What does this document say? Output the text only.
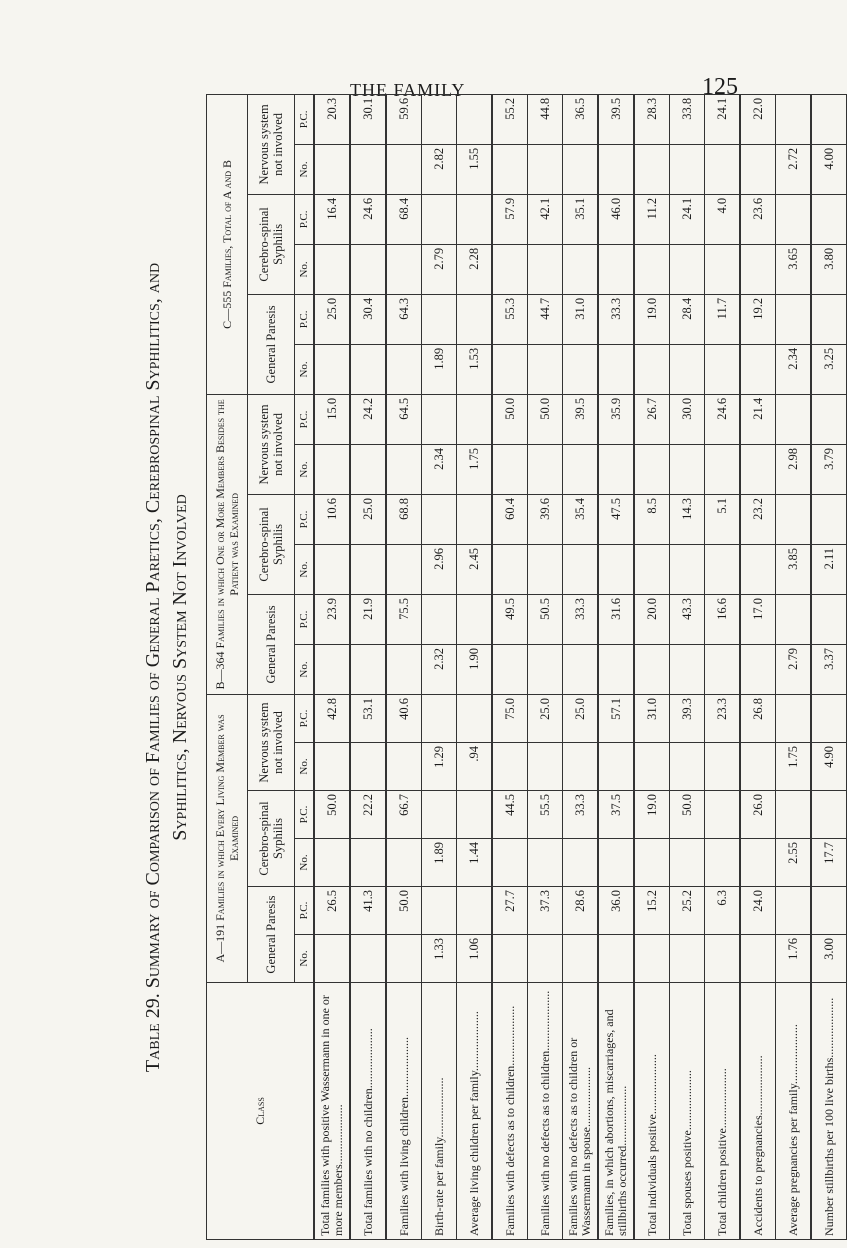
THE FAMILY	125
Table 29. Summary of Comparison of Families of General Paretics, Cerebrospinal Syphilitics, and Syphilitics, Nervous System Not Involved
Class	A—191 Families in which Every Living Member was Examined						B—364 Families in which One or More Members Besides the Patient was Examined						C—555 Families, Total of A and B					
	General Paresis		Cerebro-spinal Syphilis		Nervous system not involved		General Paresis		Cerebro-spinal Syphilis		Nervous system not involved		General Paresis		Cerebro-spinal Syphilis		Nervous system not involved	
	No.	P.C.	No.	P.C.	No.	P.C.	No.	P.C.	No.	P.C.	No.	P.C.	No.	P.C.	No.	P.C.	No.	P.C.
Total families with positive Wassermann in one or more members....................		26.5		50.0		42.8		23.9		10.6		15.0		25.0		16.4		20.3
Total families with no children....................		41.3		22.2		53.1		21.9		25.0		24.2		30.4		24.6		30.1
Families with living children....................		50.0		66.7		40.6		75.5		68.8		64.5		64.3		68.4		59.6
Birth-rate per family....................	1.33		1.89		1.29		2.32		2.96		2.34		1.89		2.79		2.82	
Average living children per family....................	1.06		1.44		.94		1.90		2.45		1.75		1.53		2.28		1.55	
Families with defects as to children....................		27.7		44.5		75.0		49.5		60.4		50.0		55.3		57.9		55.2
Families with no defects as to children....................		37.3		55.5		25.0		50.5		39.6		50.0		44.7		42.1		44.8
Families with no defects as to children or Wassermann in spouse....................		28.6		33.3		25.0		33.3		35.4		39.5		31.0		35.1		36.5
Families, in which abortions, miscarriages, and stillbirths occurred....................		36.0		37.5		57.1		31.6		47.5		35.9		33.3		46.0		39.5
Total individuals positive....................		15.2		19.0		31.0		20.0		8.5		26.7		19.0		11.2		28.3
Total spouses positive....................		25.2		50.0		39.3		43.3		14.3		30.0		28.4		24.1		33.8
Total children positive....................		6.3				23.3		16.6		5.1		24.6		11.7		4.0		24.1
Accidents to pregnancies....................		24.0		26.0		26.8		17.0		23.2		21.4		19.2		23.6		22.0
Average pregnancies per family....................	1.76		2.55		1.75		2.79		3.85		2.98		2.34		3.65		2.72	
Number stillbirths per 100 live births....................	3.00		17.7		4.90		3.37		2.11		3.79		3.25		3.80		4.00	
